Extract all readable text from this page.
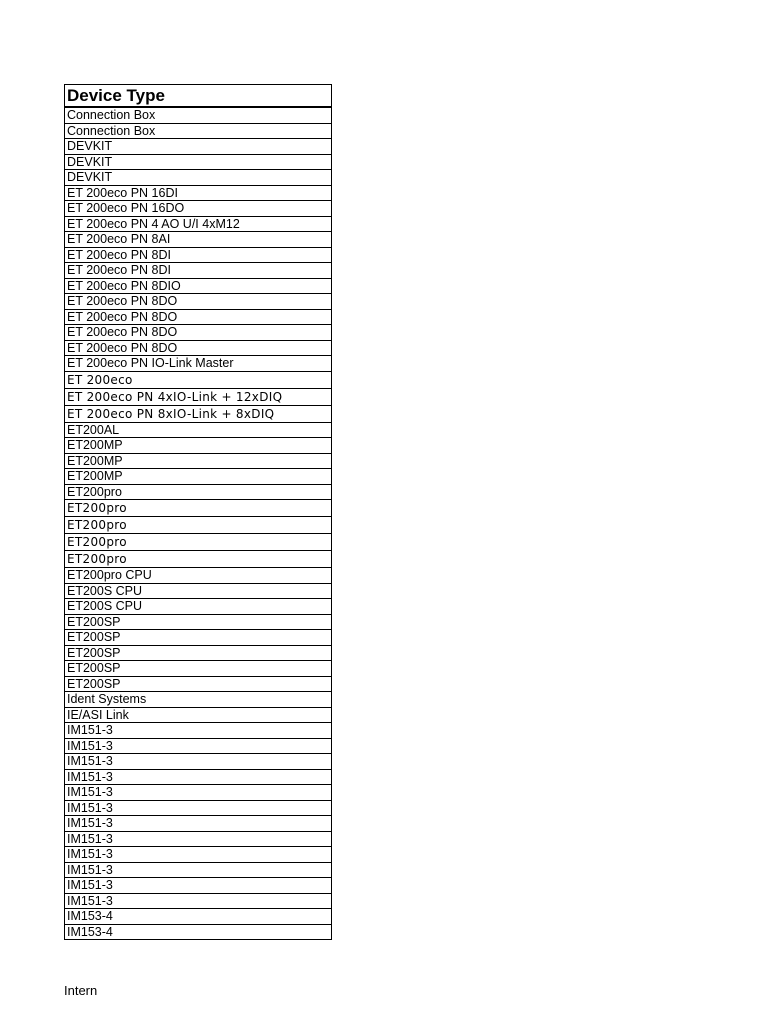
Device Type
Connection Box
Connection Box
DEVKIT
DEVKIT
DEVKIT
ET 200eco PN 16DI
ET 200eco PN 16DO
ET 200eco PN 4 AO U/I 4xM12
ET 200eco PN 8AI
ET 200eco PN 8DI
ET 200eco PN 8DI
ET 200eco PN 8DIO
ET 200eco PN 8DO
ET 200eco PN 8DO
ET 200eco PN 8DO
ET 200eco PN 8DO
ET 200eco PN IO-Link Master
ET 200eco
ET 200eco PN 4xIO-Link + 12xDIQ
ET 200eco PN 8xIO-Link + 8xDIQ
ET200AL
ET200MP
ET200MP
ET200MP
ET200pro
ET200pro
ET200pro
ET200pro
ET200pro
ET200pro CPU
ET200S CPU
ET200S CPU
ET200SP
ET200SP
ET200SP
ET200SP
ET200SP
Ident Systems
IE/ASI Link
IM151-3
IM151-3
IM151-3
IM151-3
IM151-3
IM151-3
IM151-3
IM151-3
IM151-3
IM151-3
IM151-3
IM151-3
IM153-4
IM153-4
Intern
